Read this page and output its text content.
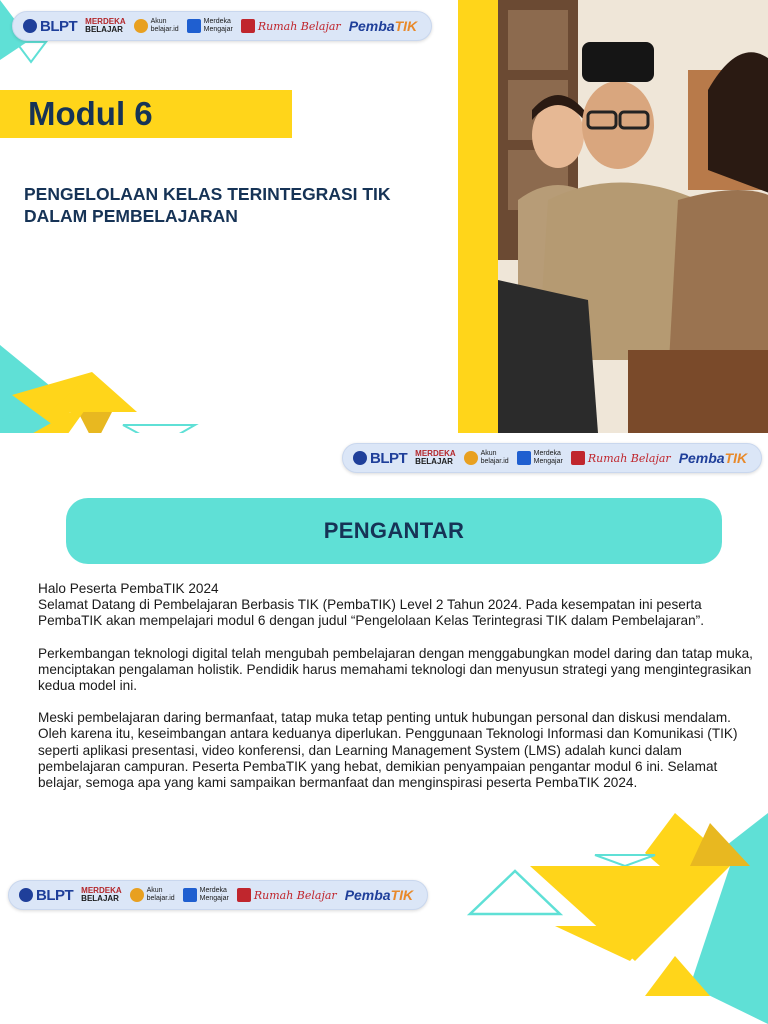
BLPT MERDEKA
BELAJAR
Akun
belajar.id
Merdeka
Mengajar Rumah Belajar PembaTIK
Modul 6
PENGELOLAAN KELAS TERINTEGRASI TIK
DALAM PEMBELAJARAN
BLPT MERDEKA
BELAJAR
Akun
belajar.id
Merdeka
Mengajar Rumah Belajar PembaTIK
PENGANTAR
Halo Peserta PembaTIK 2024

Selamat Datang di Pembelajaran Berbasis TIK (PembaTIK) Level 2 Tahun 2024. Pada kesempatan ini peserta PembaTIK akan mempelajari modul 6 dengan judul “Pengelolaan Kelas Terintegrasi TIK dalam Pembelajaran”.

Perkembangan teknologi digital telah mengubah pembelajaran dengan menggabungkan model daring dan tatap muka, menciptakan pengalaman holistik. Pendidik harus memahami teknologi dan menyusun strategi yang mengintegrasikan kedua model ini.

Meski pembelajaran daring bermanfaat, tatap muka tetap penting untuk hubungan personal dan diskusi mendalam. Oleh karena itu, keseimbangan antara keduanya diperlukan. Penggunaan Teknologi Informasi dan Komunikasi (TIK) seperti aplikasi presentasi, video konferensi, dan Learning Management System (LMS) adalah kunci dalam pembelajaran campuran. Peserta PembaTIK yang hebat, demikian penyampaian pengantar modul 6 ini. Selamat belajar, semoga apa yang kami sampaikan bermanfaat dan menginspirasi peserta PembaTIK 2024.

BLPT MERDEKA
BELAJAR
Akun
belajar.id
Merdeka
Mengajar Rumah Belajar PembaTIK
